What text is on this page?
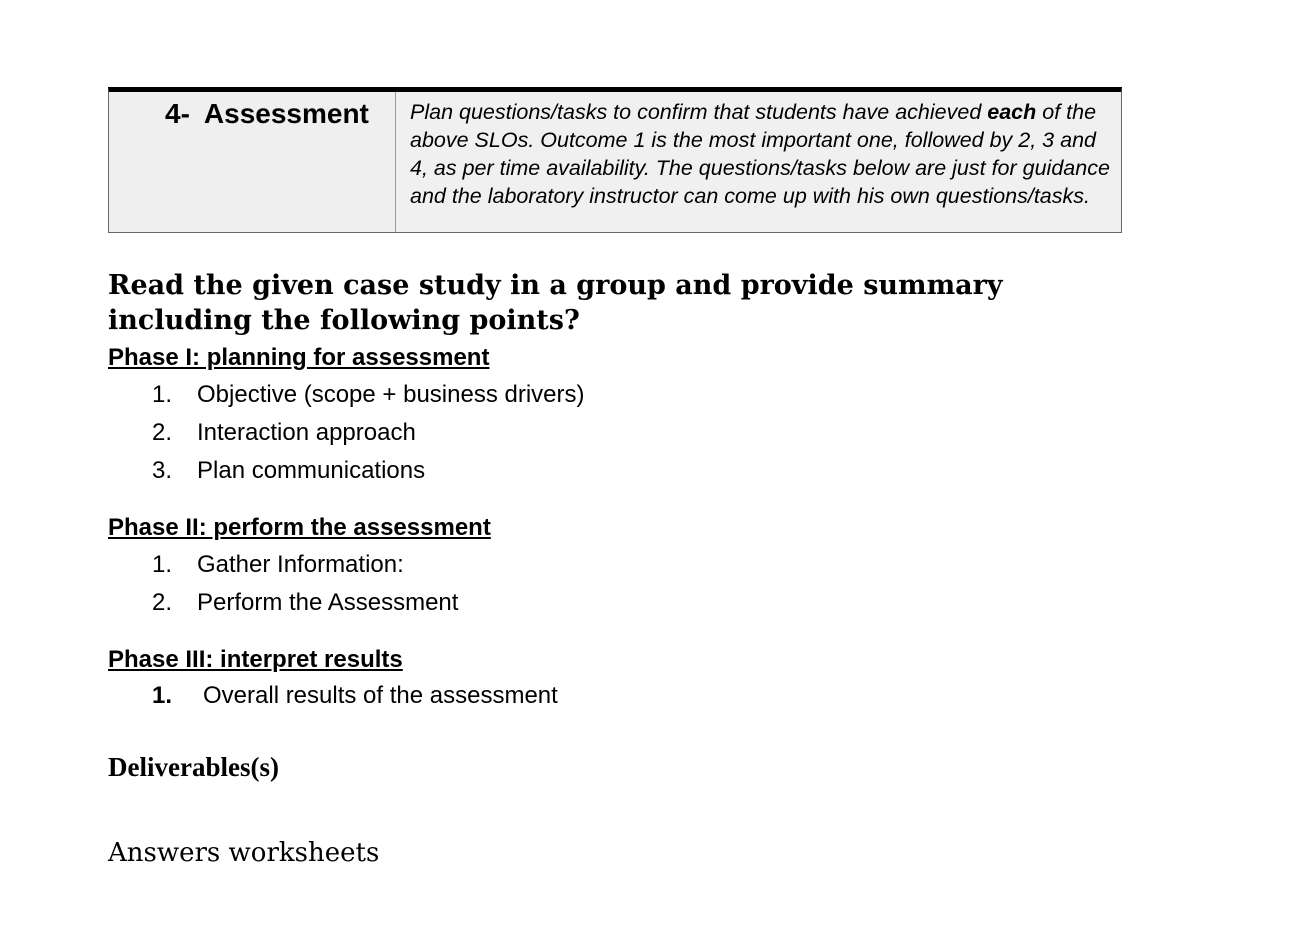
4- Assessment	Plan questions/tasks to confirm that students have achieved each of the above SLOs. Outcome 1 is the most important one, followed by 2, 3 and 4, as per time availability. The questions/tasks below are just for guidance and the laboratory instructor can come up with his own questions/tasks.
Read the given case study in a group and provide summary including the following points?
Phase I: planning for assessment
1. Objective (scope + business drivers)
2. Interaction approach
3. Plan communications
Phase II: perform the assessment
1. Gather Information:
2. Perform the Assessment
Phase III: interpret results
1. Overall results of the assessment
Deliverables(s)
Answers worksheets
